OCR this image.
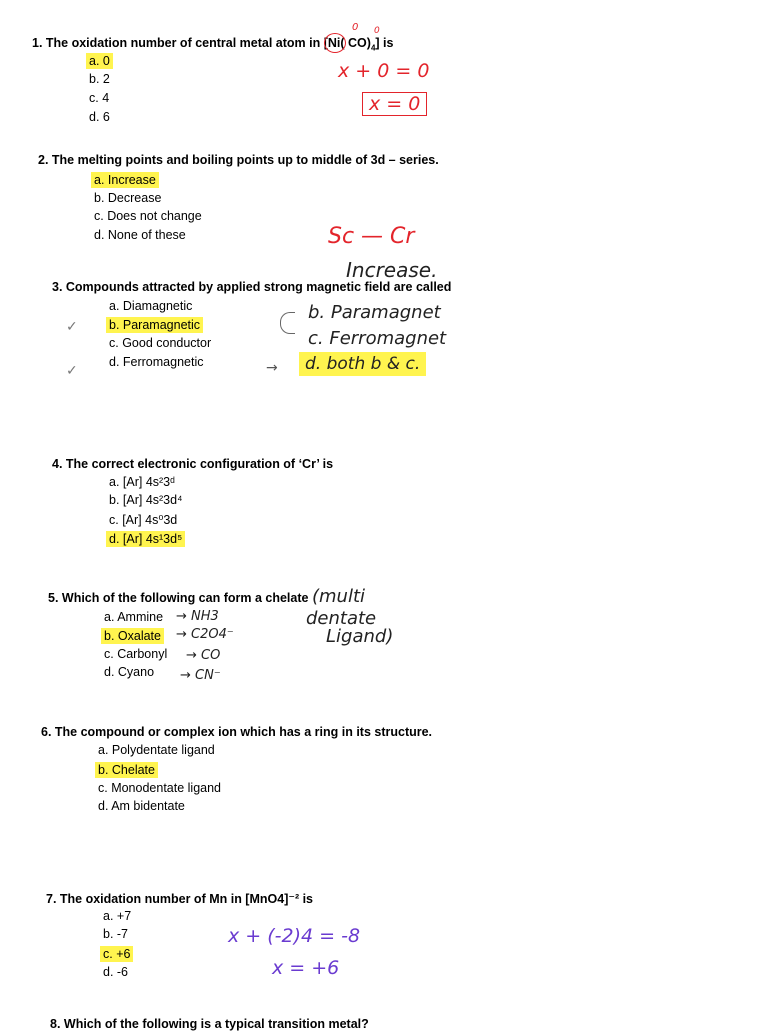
1. The oxidation number of central metal atom in [Ni
( $CO)_4$] is
0 0
a. 0
b. 2
c. 4
d. 6
x + 0 = 0
x = 0
2. The melting points and boiling points up to middle of 3d – series.
a. Increase
b. Decrease
c. Does not change
d. None of these	Sc — Cr
Increase.
3. Compounds attracted by applied strong magnetic field are called
a. Diamagnetic
b. Paramagnetic
c. Good conductor
d. Ferromagnetic
✓
✓
b. Paramagnet
c. Ferromagnet
→	d. both b & c.
4. The correct electronic configuration of ‘Cr’ is
a. [Ar] 4s²3ᵈ
b. [Ar] 4s²3d⁴
c. [Ar] 4s⁰3d
d. [Ar] 4s¹3d⁵
5. Which of the following can form a chelate (multi
dentate
Ligand)
a. Ammine
b. Oxalate
c. Carbonyl
d. Cyano
→ NH3
→ C2O4⁻
→ CO
→ CN⁻
6. The compound or complex ion which has a ring in its structure.
a. Polydentate ligand
b. Chelate
c. Monodentate ligand
d. Am bidentate
7. The oxidation number of Mn in [MnO4]⁻² is
a. +7
b. -7
c. +6
d. -6
x + (-2)4 = -8
x = +6
8. Which of the following is a typical transition metal?
